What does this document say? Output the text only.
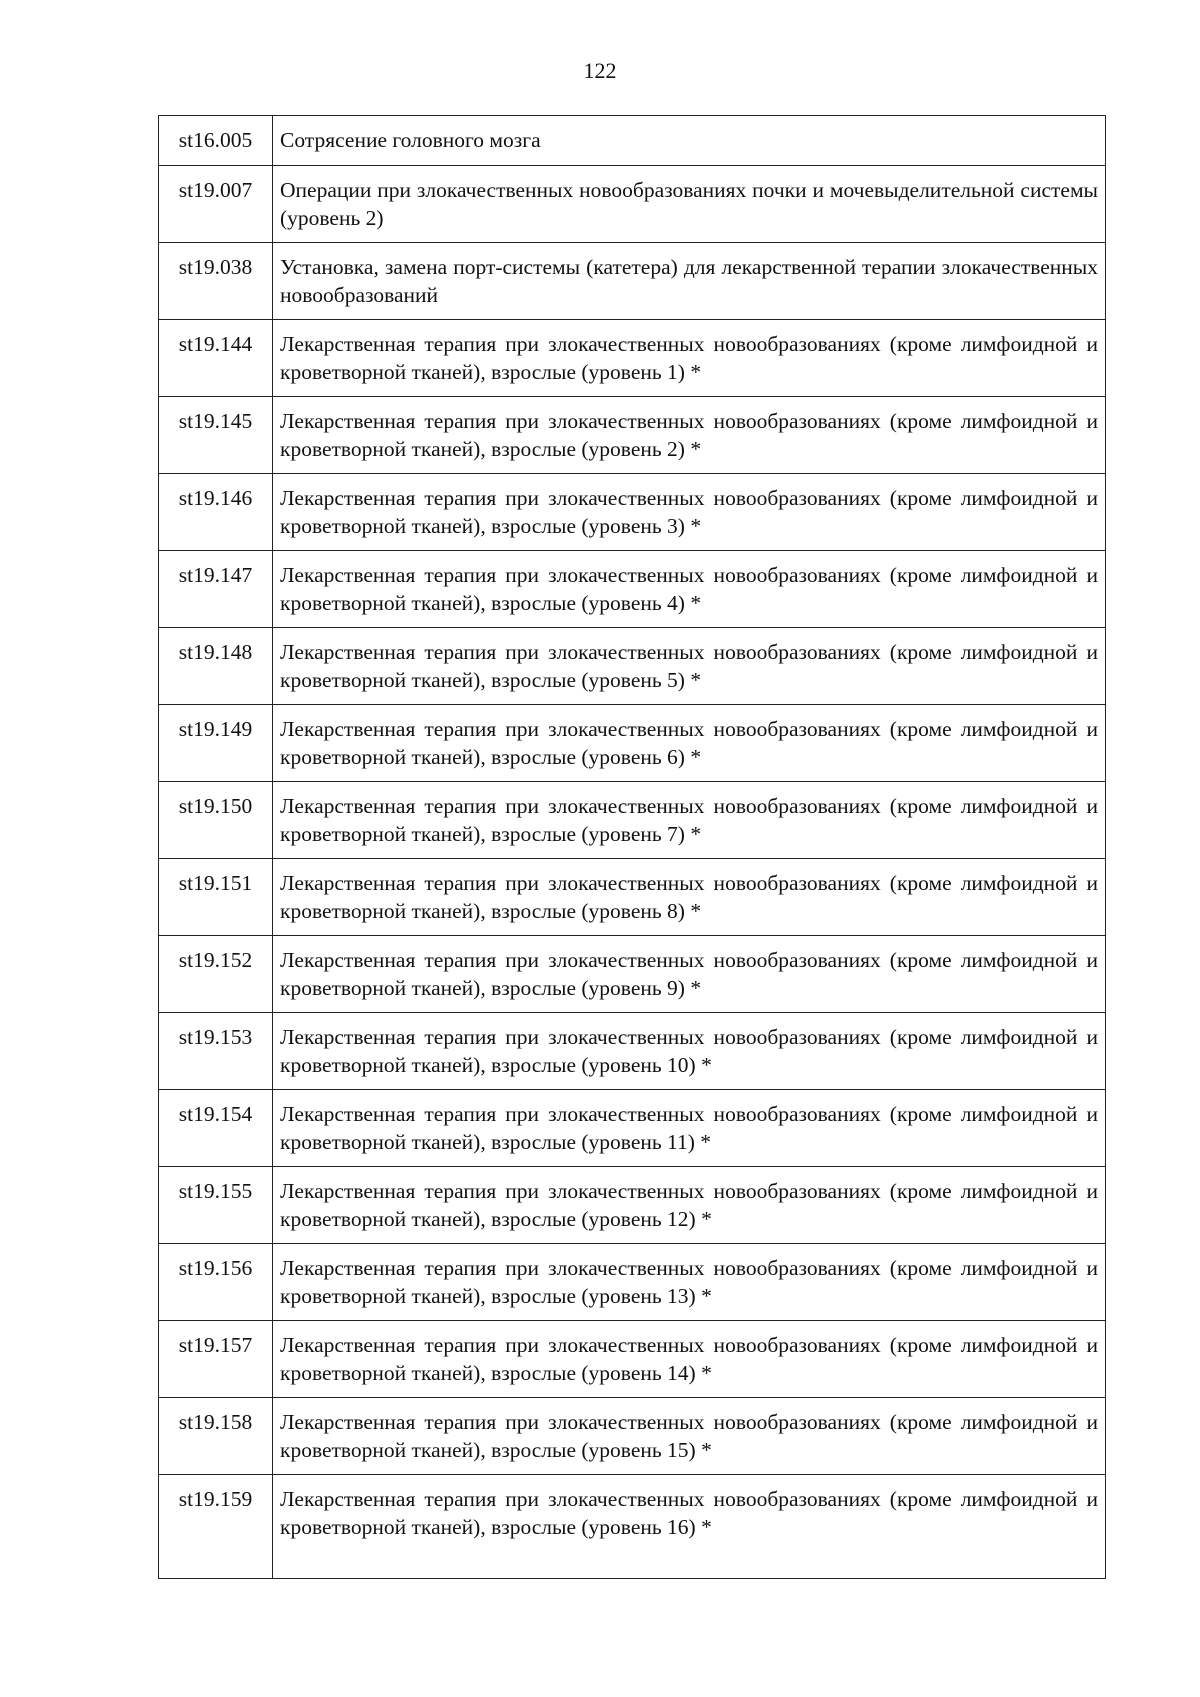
122
st16.005	Сотрясение головного мозга
st19.007	Операции при злокачественных новообразованиях почки и мочевыделительной системы (уровень 2)
st19.038	Установка, замена порт-системы (катетера) для лекарственной терапии злокачественных новообразований
st19.144	Лекарственная терапия при злокачественных новообразованиях (кроме лимфоидной и кроветворной тканей), взрослые (уровень 1) *
st19.145	Лекарственная терапия при злокачественных новообразованиях (кроме лимфоидной и кроветворной тканей), взрослые (уровень 2) *
st19.146	Лекарственная терапия при злокачественных новообразованиях (кроме лимфоидной и кроветворной тканей), взрослые (уровень 3) *
st19.147	Лекарственная терапия при злокачественных новообразованиях (кроме лимфоидной и кроветворной тканей), взрослые (уровень 4) *
st19.148	Лекарственная терапия при злокачественных новообразованиях (кроме лимфоидной и кроветворной тканей), взрослые (уровень 5) *
st19.149	Лекарственная терапия при злокачественных новообразованиях (кроме лимфоидной и кроветворной тканей), взрослые (уровень 6) *
st19.150	Лекарственная терапия при злокачественных новообразованиях (кроме лимфоидной и кроветворной тканей), взрослые (уровень 7) *
st19.151	Лекарственная терапия при злокачественных новообразованиях (кроме лимфоидной и кроветворной тканей), взрослые (уровень 8) *
st19.152	Лекарственная терапия при злокачественных новообразованиях (кроме лимфоидной и кроветворной тканей), взрослые (уровень 9) *
st19.153	Лекарственная терапия при злокачественных новообразованиях (кроме лимфоидной и кроветворной тканей), взрослые (уровень 10) *
st19.154	Лекарственная терапия при злокачественных новообразованиях (кроме лимфоидной и кроветворной тканей), взрослые (уровень 11) *
st19.155	Лекарственная терапия при злокачественных новообразованиях (кроме лимфоидной и кроветворной тканей), взрослые (уровень 12) *
st19.156	Лекарственная терапия при злокачественных новообразованиях (кроме лимфоидной и кроветворной тканей), взрослые (уровень 13) *
st19.157	Лекарственная терапия при злокачественных новообразованиях (кроме лимфоидной и кроветворной тканей), взрослые (уровень 14) *
st19.158	Лекарственная терапия при злокачественных новообразованиях (кроме лимфоидной и кроветворной тканей), взрослые (уровень 15) *
st19.159	Лекарственная терапия при злокачественных новообразованиях (кроме лимфоидной и кроветворной тканей), взрослые (уровень 16) *
